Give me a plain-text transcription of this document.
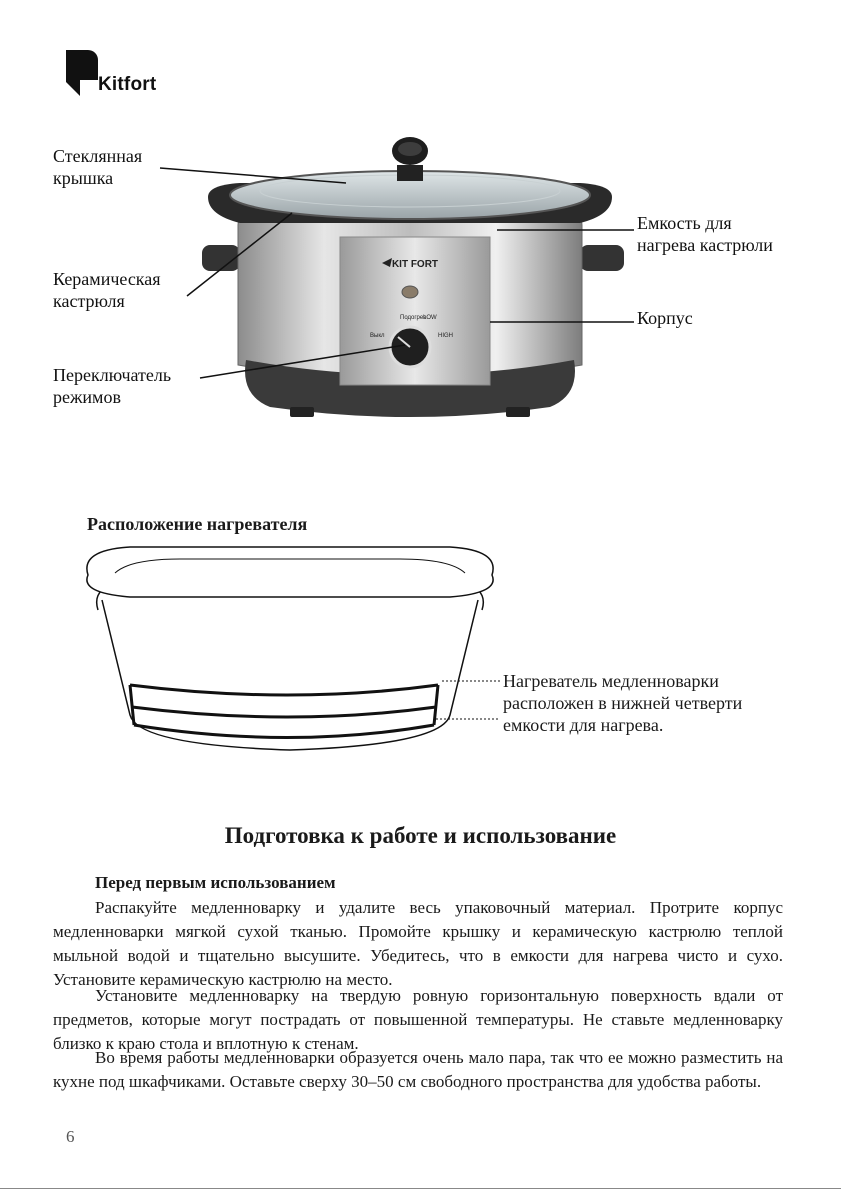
Kitfort
KIT FORT
Подогрев
LOW
Выкл	HIGH
Стеклянная
крышка
Керамическая
кастрюля
Переключатель
режимов
Емкость для
нагрева кастрюли
Корпус
Расположение нагревателя
Нагреватель медленноварки
расположен в нижней четверти
емкости для нагрева.
Подготовка к работе и использование
Перед первым использованием

Распакуйте медленноварку и удалите весь упаковочный материал. Протрите корпус медленноварки мягкой сухой тканью. Промойте крышку и керамическую кастрюлю теплой мыльной водой и тщательно высушите. Убедитесь, что в емкости для нагрева чисто и сухо. Установите керамическую кастрюлю на место.

Установите медленноварку на твердую ровную горизонтальную поверхность вдали от предметов, которые могут пострадать от повышенной температуры. Не ставьте медленноварку близко к краю стола и вплотную к стенам.

Во время работы медленноварки образуется очень мало пара, так что ее можно разместить на кухне под шкафчиками. Оставьте сверху 30–50 см свободного пространства для удобства работы.

6
